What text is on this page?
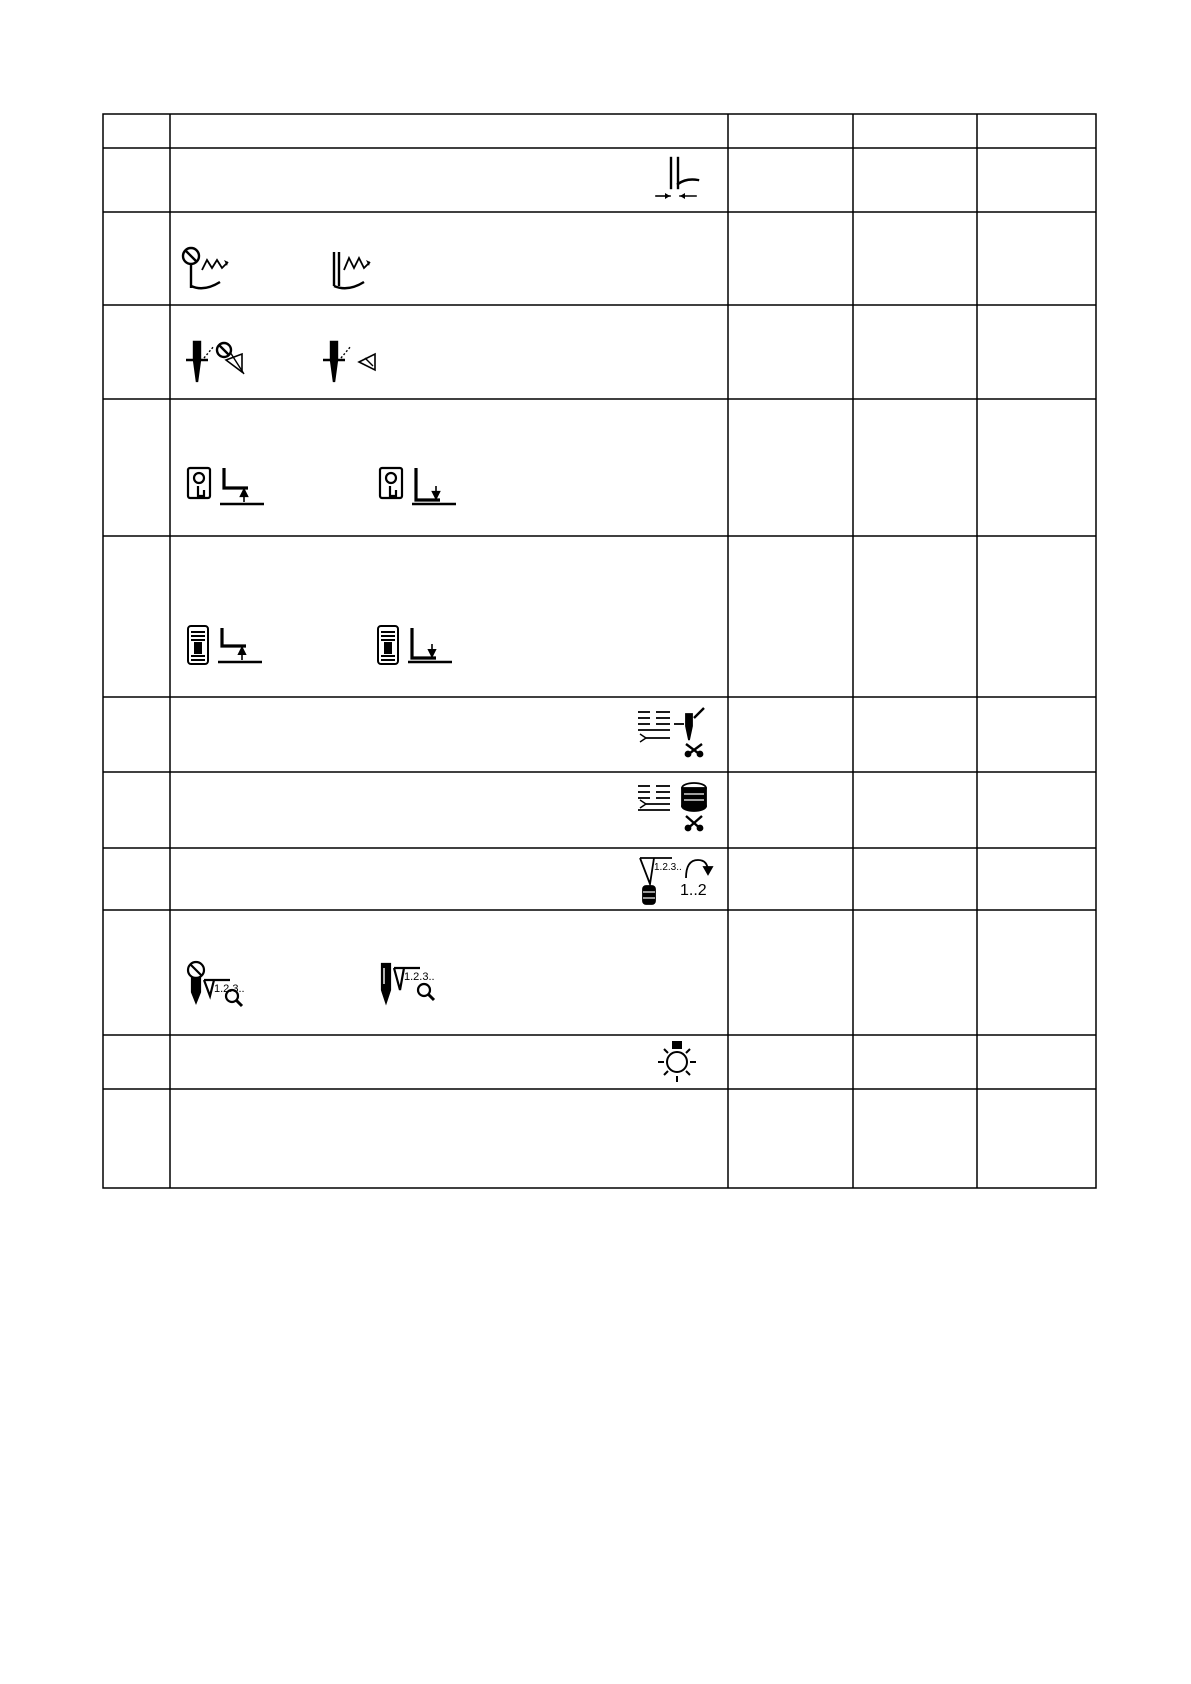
1.2.3..
1..2
1.2.3..
1.2.3..
